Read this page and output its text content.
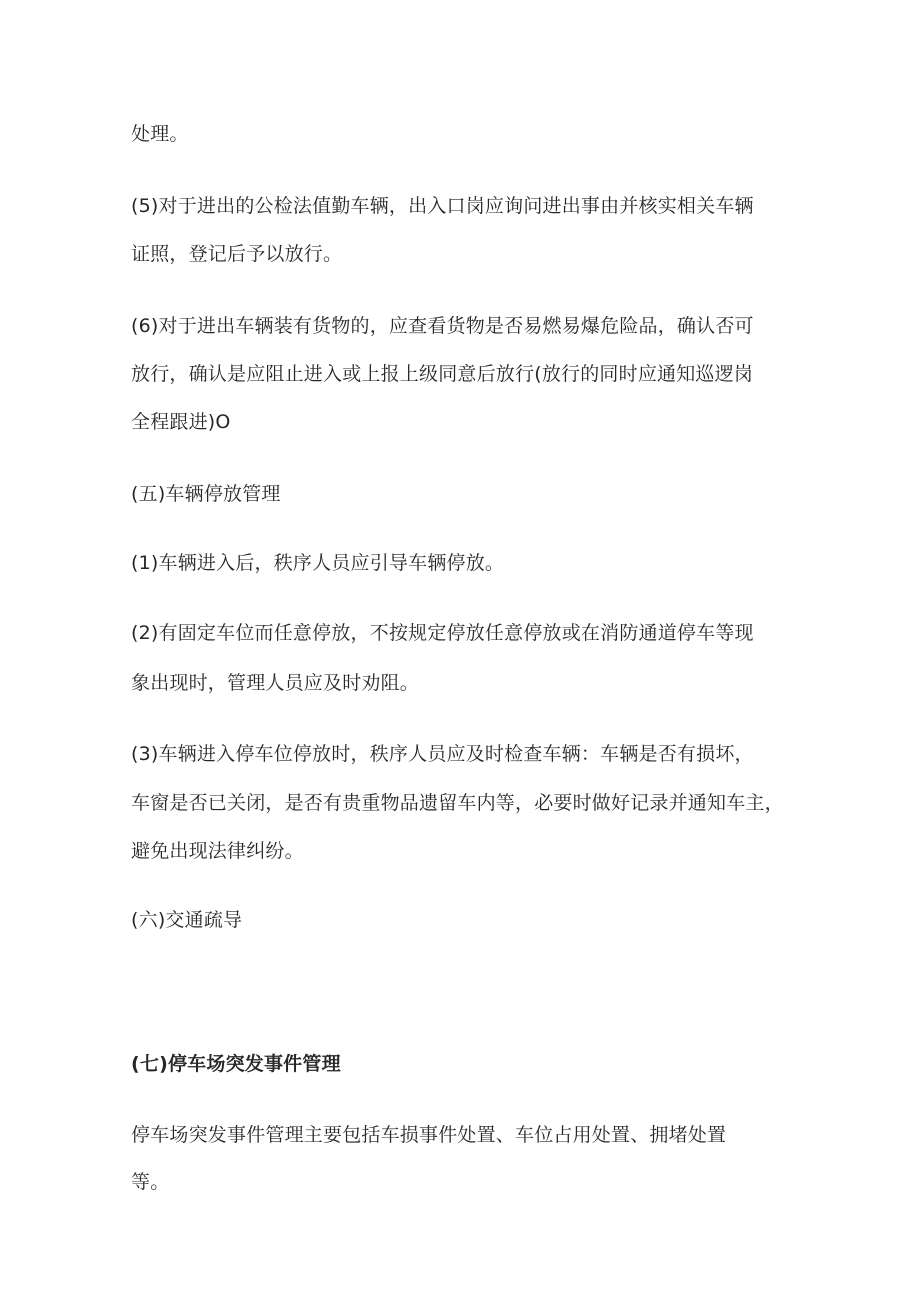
处理。
(5)对于进出的公检法值勤车辆，出入口岗应询问进出事由并核实相关车辆
证照，登记后予以放行。
(6)对于进出车辆装有货物的，应查看货物是否易燃易爆危险品，确认否可
放行，确认是应阻止进入或上报上级同意后放行(放行的同时应通知巡逻岗
全程跟进)O
(五)车辆停放管理
(1)车辆进入后，秩序人员应引导车辆停放。
(2)有固定车位而任意停放，不按规定停放任意停放或在消防通道停车等现
象出现时，管理人员应及时劝阻。
(3)车辆进入停车位停放时，秩序人员应及时检查车辆：车辆是否有损坏，
车窗是否已关闭，是否有贵重物品遗留车内等，必要时做好记录并通知车主，
避免出现法律纠纷。
(六)交通疏导
(七)停车场突发事件管理
停车场突发事件管理主要包括车损事件处置、车位占用处置、拥堵处置
等。
